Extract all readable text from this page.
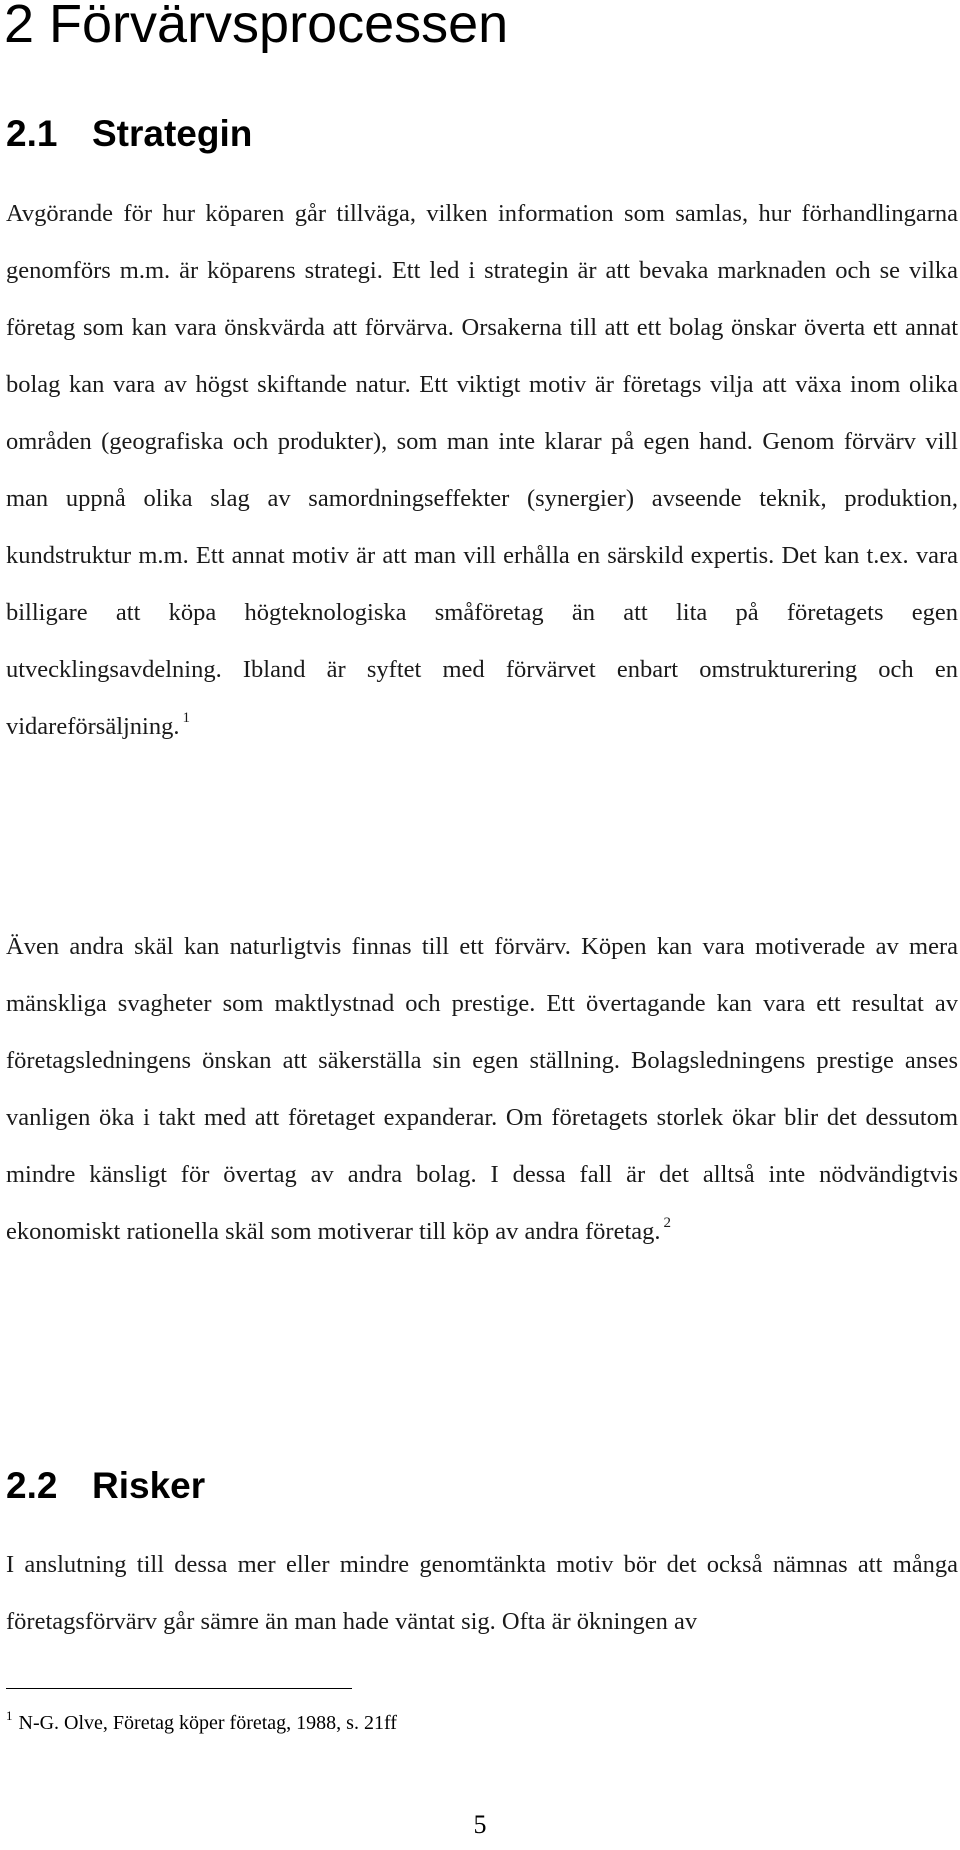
2 Förvärvsprocessen
2.1 Strategin

Avgörande för hur köparen går tillväga, vilken information som samlas, hur förhandlingarna genomförs m.m. är köparens strategi. Ett led i strategin är att bevaka marknaden och se vilka företag som kan vara önskvärda att förvärva. Orsakerna till att ett bolag önskar överta ett annat bolag kan vara av högst skiftande natur. Ett viktigt motiv är företags vilja att växa inom olika områden (geografiska och produkter), som man inte klarar på egen hand. Genom förvärv vill man uppnå olika slag av samordningseffekter (synergier) avseende teknik, produktion, kundstruktur m.m. Ett annat motiv är att man vill erhålla en särskild expertis. Det kan t.ex. vara billigare att köpa högteknologiska småföretag än att lita på företagets egen utvecklingsavdelning. Ibland är syftet med förvärvet enbart omstrukturering och en vidareförsäljning. $^1$

Även andra skäl kan naturligtvis finnas till ett förvärv. Köpen kan vara motiverade av mera mänskliga svagheter som maktlystnad och prestige. Ett övertagande kan vara ett resultat av företagsledningens önskan att säkerställa sin egen ställning. Bolagsledningens prestige anses vanligen öka i takt med att företaget expanderar. Om företagets storlek ökar blir det dessutom mindre känsligt för övertag av andra bolag. I dessa fall är det alltså inte nödvändigtvis ekonomiskt rationella skäl som motiverar till köp av andra företag. $^2$

2.2 Risker

I anslutning till dessa mer eller mindre genomtänkta motiv bör det också nämnas att många företagsförvärv går sämre än man hade väntat sig. Ofta är ökningen av

$^1$ N-G. Olve, Företag köper företag, 1988, s. 21ff

5
